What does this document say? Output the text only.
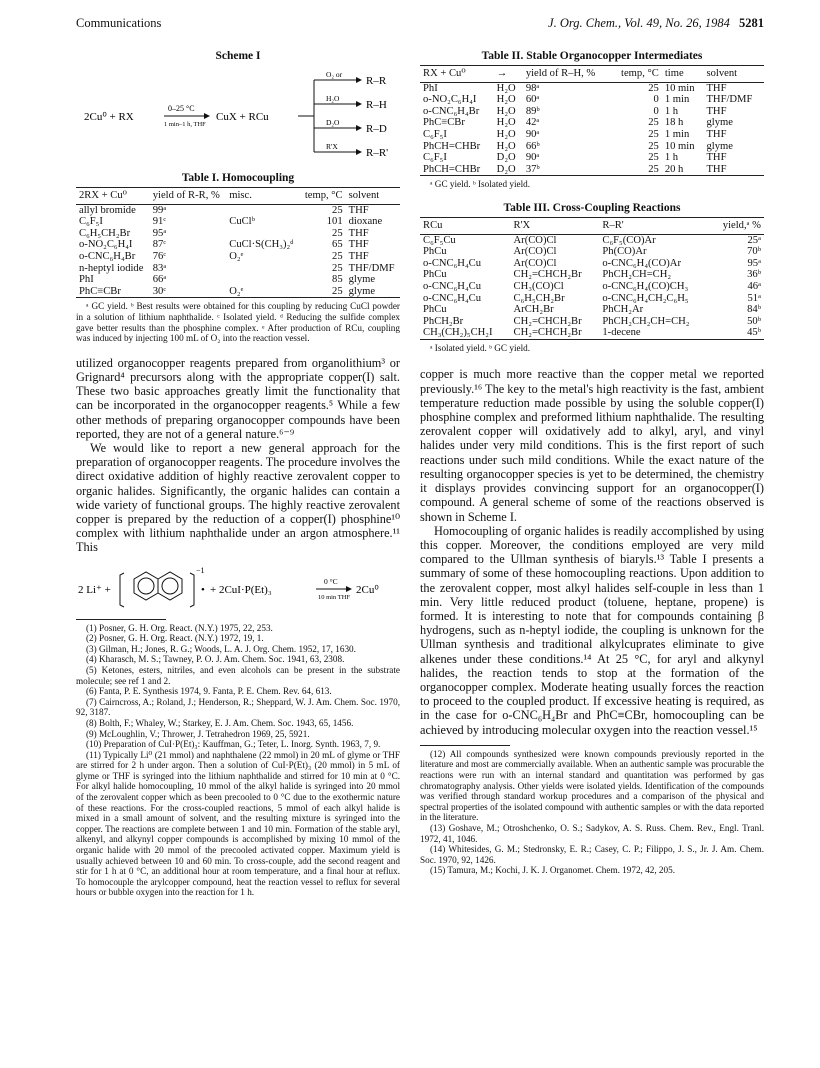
Communications	J. Org. Chem., Vol. 49, No. 26, 1984 5281
Scheme I
2Cu⁰ + RX
0–25 °C
1 min–1 h, THF
CuX + RCu
O₂ or
R–R
H₂O
R–H
D₂O
R–D
R'X
R–R'
Table I. Homocoupling
2RX + Cu⁰	yield of R-R, %	misc.	temp, °C	solvent
allyl bromide	99ᵃ		25	THF
C₆F₅I	91ᶜ	CuClᵇ	101	dioxane
C₆H₅CH₂Br	95ᵃ		25	THF
o-NO₂C₆H₄I	87ᶜ	CuCl·S(CH₃)₂ᵈ	65	THF
o-CNC₆H₄Br	76ᶜ	O₂ᵉ	25	THF
n-heptyl iodide	83ᵃ		25	THF/DMF
PhI	66ᵃ		85	glyme
PhC≡CBr	30ᶜ	O₂ᵉ	25	glyme
ᵃ GC yield. ᵇ Best results were obtained for this coupling by reducing CuCl powder in a solution of lithium naphthalide. ᶜ Isolated yield. ᵈ Reducing the sulfide complex gave better results than the phosphine complex. ᵉ After production of RCu, coupling was induced by injecting 100 mL of O₂ into the reaction vessel.

utilized organocopper reagents prepared from organolithium³ or Grignard⁴ precursors along with the appropriate copper(I) salt. These two basic approaches greatly limit the functionality that can be incorporated in the organocopper reagents.⁵ While a few other methods of preparing organocopper compounds have been reported, they are not of a general nature.⁶⁻⁹

We would like to report a new general approach for the preparation of organocopper reagents. The procedure involves the direct oxidative addition of highly reactive zerovalent copper to organic halides. Significantly, the organic halides can contain a wide variety of functional groups. The highly reactive zerovalent copper is prepared by the reduction of a copper(I) phosphine¹⁰ complex with lithium naphthalide under an argon atmosphere.¹¹ This

2 Li⁺ +
−1
• + 2CuI·P(Et)₃
0 °C
10 min THF
2Cu⁰

(1) Posner, G. H. Org. React. (N.Y.) 1975, 22, 253.

(2) Posner, G. H. Org. React. (N.Y.) 1972, 19, 1.

(3) Gilman, H.; Jones, R. G.; Woods, L. A. J. Org. Chem. 1952, 17, 1630.

(4) Kharasch, M. S.; Tawney, P. O. J. Am. Chem. Soc. 1941, 63, 2308.

(5) Ketones, esters, nitriles, and even alcohols can be present in the substrate molecule; see ref 1 and 2.

(6) Fanta, P. E. Synthesis 1974, 9. Fanta, P. E. Chem. Rev. 64, 613.

(7) Cairncross, A.; Roland, J.; Henderson, R.; Sheppard, W. J. Am. Chem. Soc. 1970, 92, 3187.

(8) Bolth, F.; Whaley, W.; Starkey, E. J. Am. Chem. Soc. 1943, 65, 1456.

(9) McLoughlin, V.; Thrower, J. Tetrahedron 1969, 25, 5921.

(10) Preparation of CuI·P(Et)₃: Kauffman, G.; Teter, L. Inorg. Synth. 1963, 7, 9.

(11) Typically Li⁰ (21 mmol) and naphthalene (22 mmol) in 20 mL of glyme or THF are stirred for 2 h under argon. Then a solution of CuI·P(Et)₃ (20 mmol) in 5 mL of glyme or THF is syringed into the lithium naphthalide and stirred for 10 min at 0 °C. For alkyl halide homocoupling, 10 mmol of the alkyl halide is syringed into 20 mmol of the zerovalent copper which as been precooled to 0 °C due to the exothermic nature of these reactions. For the cross-coupled reactions, 5 mmol of each alkyl halide is mixed in a small amount of solvent, and the resulting mixture is syringed into the copper. The reactions are complete between 1 and 10 min. Formation of the stable aryl, alkenyl, and alkynyl copper compounds is accomplished by mixing 10 mmol of the organic halide with 20 mmol of the precooled activated copper. Maximum yield is usually achieved between 10 and 60 min. To cross-couple, add the second reagent and stir for 1 h at 0 °C, an additional hour at room temperature, and a final hour at reflux. To homocouple the arylcopper compound, heat the reaction vessel to reflux for several hours or bubble oxygen into the reaction for 1 h.

Table II. Stable Organocopper Intermediates
RX + Cu⁰	→	yield of R–H, %	temp, °C	time	solvent
PhI	H₂O	98ᵃ	25	10 min	THF
o-NO₂C₆H₄I	H₂O	60ᵃ	0	1 min	THF/DMF
o-CNC₆H₄Br	H₂O	89ᵇ	0	1 h	THF
PhC≡CBr	H₂O	42ᵃ	25	18 h	glyme
C₆F₅I	H₂O	90ᵃ	25	1 min	THF
PhCH=CHBr	H₂O	66ᵇ	25	10 min	glyme
C₆F₅I	D₂O	90ᵃ	25	1 h	THF
PhCH=CHBr	D₂O	37ᵇ	25	20 h	THF
ᵃ GC yield. ᵇ Isolated yield.
Table III. Cross-Coupling Reactions
RCu	R'X	R–R'	yield,ᵃ %
C₆F₅Cu	Ar(CO)Cl	C₆F₅(CO)Ar	25ᵃ
PhCu	Ar(CO)Cl	Ph(CO)Ar	70ᵇ
o-CNC₆H₄Cu	Ar(CO)Cl	o-CNC₆H₄(CO)Ar	95ᵃ
PhCu	CH₂=CHCH₂Br	PhCH₂CH=CH₂	36ᵇ
o-CNC₆H₄Cu	CH₃(CO)Cl	o-CNC₆H₄(CO)CH₃	46ᵃ
o-CNC₆H₄Cu	C₆H₅CH₂Br	o-CNC₆H₄CH₂C₆H₅	51ᵃ
PhCu	ArCH₂Br	PhCH₂Ar	84ᵇ
PhCH₂Br	CH₂=CHCH₂Br	PhCH₂CH₂CH=CH₂	50ᵇ
CH₃(CH₂)₅CH₂I	CH₂=CHCH₂Br	1-decene	45ᵇ
ᵃ Isolated yield. ᵇ GC yield.

copper is much more reactive than the copper metal we reported previously.¹⁶ The key to the metal's high reactivity is the fast, ambient temperature reduction made possible by using the soluble copper(I) phosphine complex and preformed lithium naphthalide. The resulting zerovalent copper will oxidatively add to alkyl, aryl, and vinyl halides under very mild conditions. This is the first report of such reactions under such mild conditions. While the exact nature of the resulting organocopper species is yet to be determined, the chemistry it displays provides convincing support for an organocopper(I) compound. A general scheme of some of the reactions observed is shown in Scheme I.

Homocoupling of organic halides is readily accomplished by using this copper. Moreover, the conditions employed are very mild compared to the Ullman synthesis of biaryls.¹³ Table I presents a summary of some of these homocoupling reactions. Upon addition to the zerovalent copper, most alkyl halides self-couple in less than 1 min. Very little reduced product (toluene, heptane, propene) is formed. It is interesting to note that for compounds containing β hydrogens, such as n-heptyl iodide, the coupling is unknown for the Ullman synthesis and traditional alkylcuprates eliminate to give alkenes under these conditions.¹⁴ At 25 °C, for aryl and alkynyl halides, the reaction tends to stop at the formation of the organocopper complex. Moderate heating usually forces the reaction to proceed to the coupled product. If excessive heating is required, as in the case for o-CNC₆H₄Br and PhC≡CBr, homocoupling can be achieved by introducing molecular oxygen into the reaction vessel.¹⁵

(12) All compounds synthesized were known compounds previously reported in the literature and most are commercially available. When an authentic sample was procurable the reactions were run with an internal standard and quantitation was performed by gas chromatography analysis. Other yields were isolated yields. Identification of the compounds was verified through standard workup procedures and a comparison of the physical and spectral properties of the isolated compound with authentic samples or with the data reported in the literature.

(13) Goshave, M.; Otroshchenko, O. S.; Sadykov, A. S. Russ. Chem. Rev., Engl. Tranl. 1972, 41, 1046.

(14) Whitesides, G. M.; Stedronsky, E. R.; Casey, C. P.; Filippo, J. S., Jr. J. Am. Chem. Soc. 1970, 92, 1426.

(15) Tamura, M.; Kochi, J. K. J. Organomet. Chem. 1972, 42, 205.
